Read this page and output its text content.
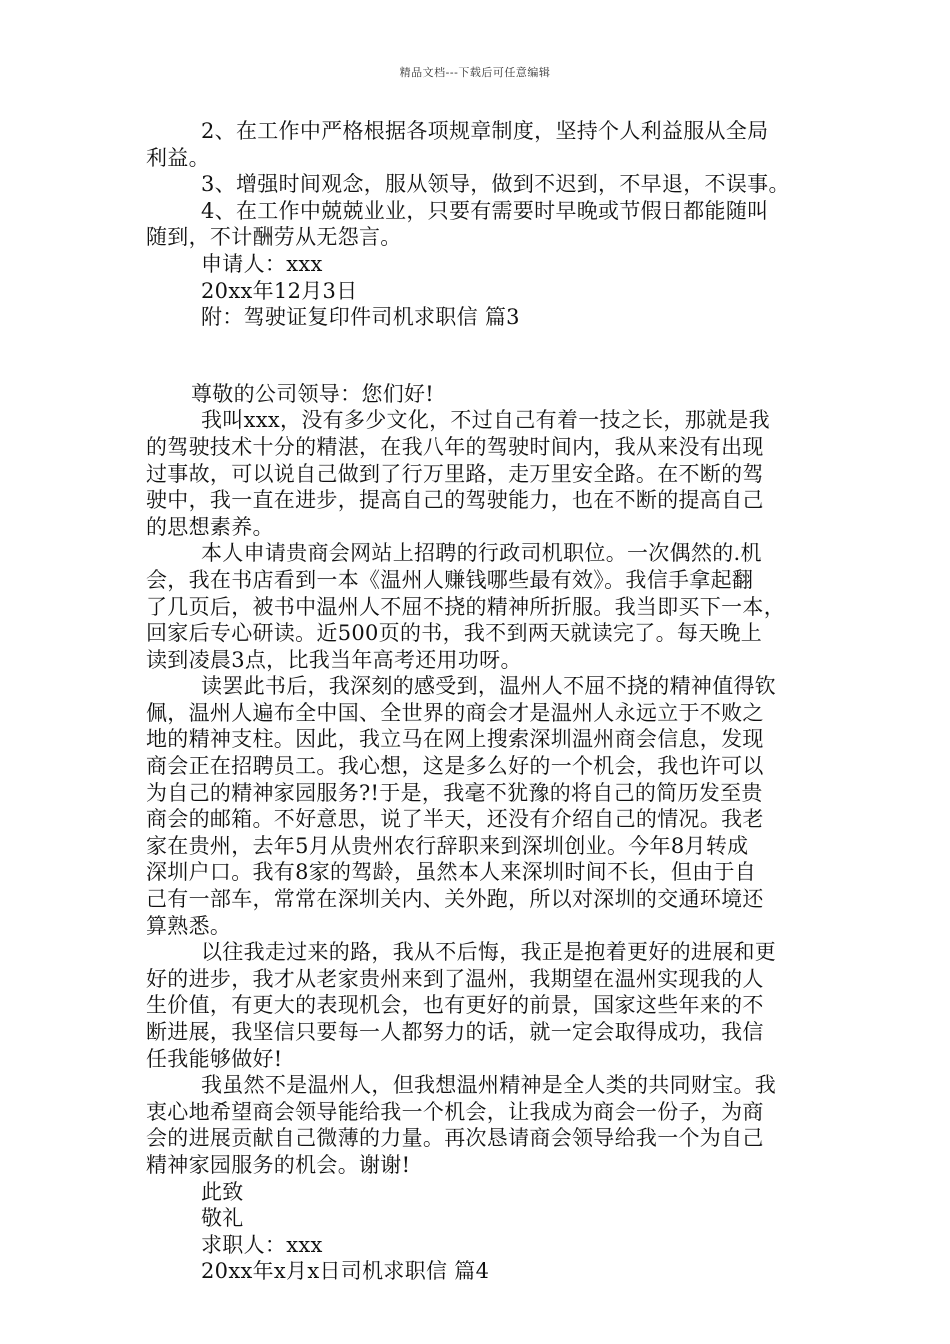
精品文档---下载后可任意编辑
2、在工作中严格根据各项规章制度，坚持个人利益服从全局
利益。
3、增强时间观念，服从领导，做到不迟到，不早退，不误事。
4、在工作中兢兢业业，只要有需要时早晚或节假日都能随叫
随到，不计酬劳从无怨言。
申请人：xxx
20xx年12月3日
附：驾驶证复印件司机求职信 篇3
尊敬的公司领导：您们好!
我叫xxx，没有多少文化，不过自己有着一技之长，那就是我
的驾驶技术十分的精湛，在我八年的驾驶时间内，我从来没有出现
过事故，可以说自己做到了行万里路，走万里安全路。在不断的驾
驶中，我一直在进步，提高自己的驾驶能力，也在不断的提高自己
的思想素养。
本人申请贵商会网站上招聘的行政司机职位。一次偶然的.机
会，我在书店看到一本《温州人赚钱哪些最有效》。我信手拿起翻
了几页后，被书中温州人不屈不挠的精神所折服。我当即买下一本，
回家后专心研读。近500页的书，我不到两天就读完了。每天晚上
读到凌晨3点，比我当年高考还用功呀。
读罢此书后，我深刻的感受到，温州人不屈不挠的精神值得钦
佩，温州人遍布全中国、全世界的商会才是温州人永远立于不败之
地的精神支柱。因此，我立马在网上搜索深圳温州商会信息，发现
商会正在招聘员工。我心想，这是多么好的一个机会，我也许可以
为自己的精神家园服务?!于是，我毫不犹豫的将自己的简历发至贵
商会的邮箱。不好意思，说了半天，还没有介绍自己的情况。我老
家在贵州，去年5月从贵州农行辞职来到深圳创业。今年8月转成
深圳户口。我有8家的驾龄，虽然本人来深圳时间不长，但由于自
己有一部车，常常在深圳关内、关外跑，所以对深圳的交通环境还
算熟悉。
以往我走过来的路，我从不后悔，我正是抱着更好的进展和更
好的进步，我才从老家贵州来到了温州，我期望在温州实现我的人
生价值，有更大的表现机会，也有更好的前景，国家这些年来的不
断进展，我坚信只要每一人都努力的话，就一定会取得成功，我信
任我能够做好!
我虽然不是温州人，但我想温州精神是全人类的共同财宝。我
衷心地希望商会领导能给我一个机会，让我成为商会一份子，为商
会的进展贡献自己微薄的力量。再次恳请商会领导给我一个为自己
精神家园服务的机会。谢谢!
此致
敬礼
求职人：xxx
20xx年x月x日司机求职信 篇4
